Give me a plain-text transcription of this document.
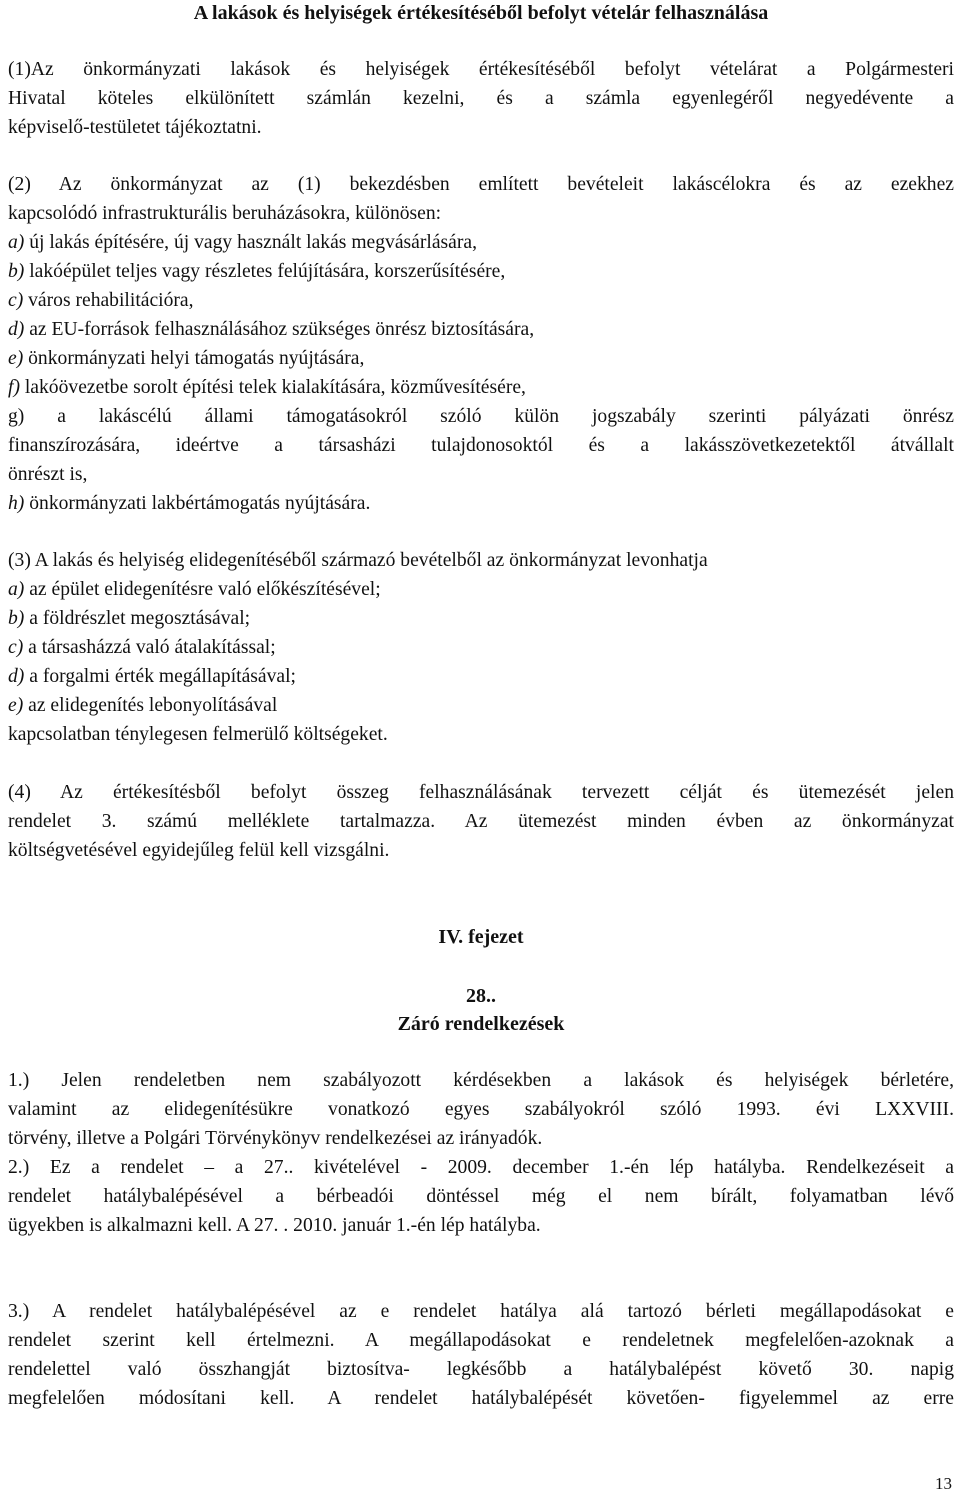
A lakások és helyiségek értékesítéséből befolyt vételár felhasználása
(1)Az önkormányzati lakások és helyiségek értékesítéséből befolyt vételárat a Polgármesteri
Hivatal köteles elkülönített számlán kezelni, és a számla egyenlegéről negyedévente a
képviselő-testületet tájékoztatni.
(2) Az önkormányzat az (1) bekezdésben említett bevételeit lakáscélokra és az ezekhez
kapcsolódó infrastrukturális beruházásokra, különösen:
a) új lakás építésére, új vagy használt lakás megvásárlására,
b) lakóépület teljes vagy részletes felújítására, korszerűsítésére,
c) város rehabilitációra,
d) az EU-források felhasználásához szükséges önrész biztosítására,
e) önkormányzati helyi támogatás nyújtására,
f) lakóövezetbe sorolt építési telek kialakítására, közművesítésére,
g) a lakáscélú állami támogatásokról szóló külön jogszabály szerinti pályázati önrész
finanszírozására, ideértve a társasházi tulajdonosoktól és a lakásszövetkezetektől átvállalt
önrészt is,
h) önkormányzati lakbértámogatás nyújtására.
(3) A lakás és helyiség elidegenítéséből származó bevételből az önkormányzat levonhatja
a) az épület elidegenítésre való előkészítésével;
b) a földrészlet megosztásával;
c) a társasházzá való átalakítással;
d) a forgalmi érték megállapításával;
e) az elidegenítés lebonyolításával
kapcsolatban ténylegesen felmerülő költségeket.
(4) Az értékesítésből befolyt összeg felhasználásának tervezett célját és ütemezését jelen
rendelet 3. számú melléklete tartalmazza. Az ütemezést minden évben az önkormányzat
költségvetésével egyidejűleg felül kell vizsgálni.
IV. fejezet
28..
Záró rendelkezések
1.) Jelen rendeletben nem szabályozott kérdésekben a lakások és helyiségek bérletére,
valamint az elidegenítésükre vonatkozó egyes szabályokról szóló 1993. évi LXXVIII.
törvény, illetve a Polgári Törvénykönyv rendelkezései az irányadók.
2.) Ez a rendelet – a 27.. kivételével - 2009. december 1.-én lép hatályba. Rendelkezéseit a
rendelet hatálybalépésével a bérbeadói döntéssel még el nem bírált, folyamatban lévő
ügyekben is alkalmazni kell. A 27. . 2010. január 1.-én lép hatályba.
3.) A rendelet hatálybalépésével az e rendelet hatálya alá tartozó bérleti megállapodásokat e
rendelet szerint kell értelmezni. A megállapodásokat e rendeletnek megfelelően-azoknak a
rendelettel való összhangját biztosítva- legkésőbb a hatálybalépést követő 30. napig
megfelelően módosítani kell. A rendelet hatálybalépését követően- figyelemmel az erre
13
